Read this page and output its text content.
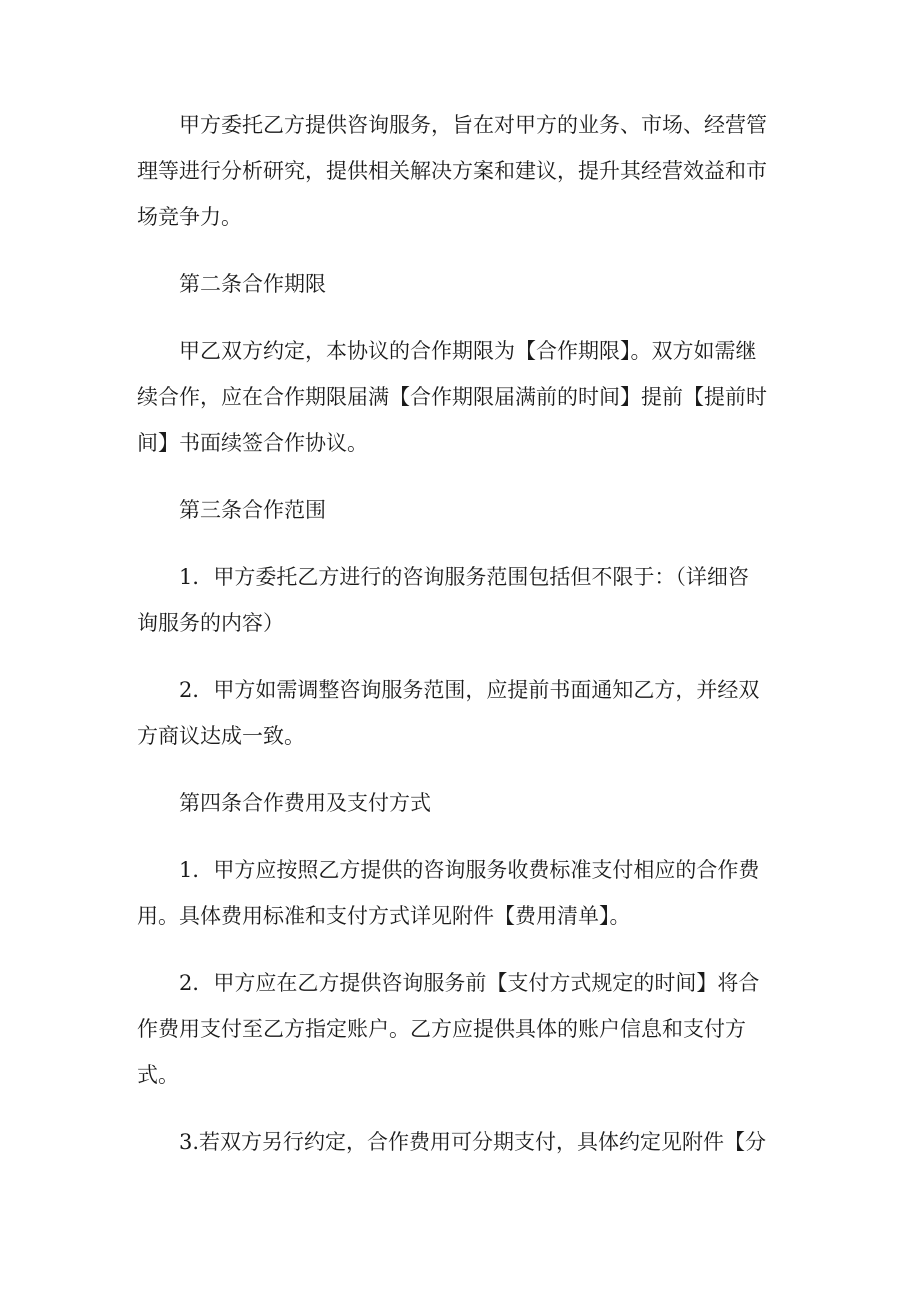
甲方委托乙方提供咨询服务，旨在对甲方的业务、市场、经营管
理等进行分析研究，提供相关解决方案和建议，提升其经营效益和市
场竞争力。

第二条合作期限

甲乙双方约定，本协议的合作期限为【合作期限】。双方如需继
续合作，应在合作期限届满【合作期限届满前的时间】提前【提前时
间】书面续签合作协议。

第三条合作范围

1．甲方委托乙方进行的咨询服务范围包括但不限于：（详细咨
询服务的内容）

2．甲方如需调整咨询服务范围，应提前书面通知乙方，并经双
方商议达成一致。

第四条合作费用及支付方式

1．甲方应按照乙方提供的咨询服务收费标准支付相应的合作费
用。具体费用标准和支付方式详见附件【费用清单】。

2．甲方应在乙方提供咨询服务前【支付方式规定的时间】将合
作费用支付至乙方指定账户。乙方应提供具体的账户信息和支付方
式。

3.若双方另行约定，合作费用可分期支付，具体约定见附件【分
